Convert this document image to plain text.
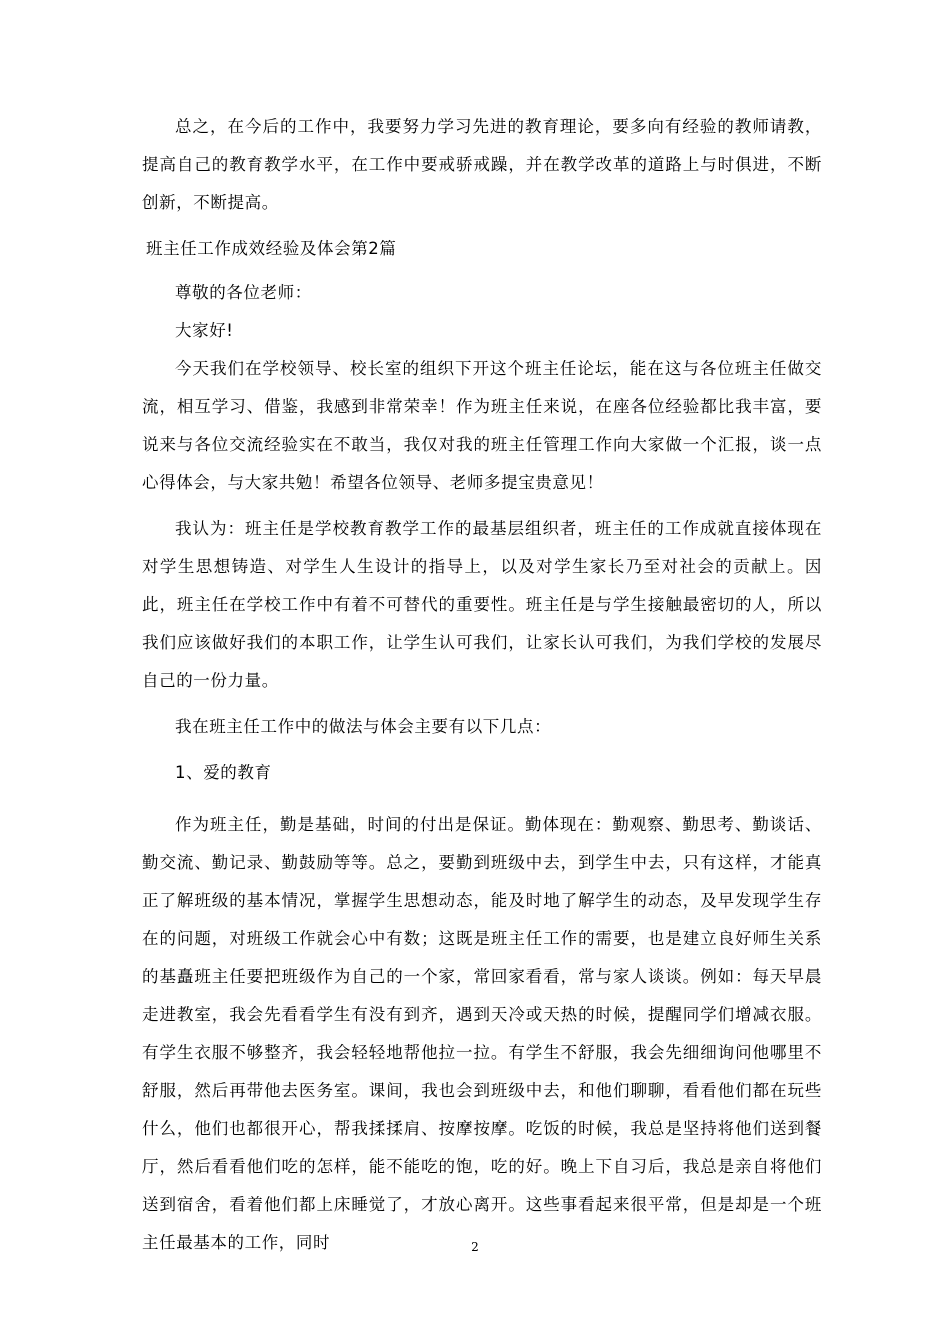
总之，在今后的工作中，我要努力学习先进的教育理论，要多向有经验的教师请教，提高自己的教育教学水平，在工作中要戒骄戒躁，并在教学改革的道路上与时俱进，不断创新，不断提高。

班主任工作成效经验及体会第2篇

尊敬的各位老师：

大家好!

今天我们在学校领导、校长室的组织下开这个班主任论坛，能在这与各位班主任做交流，相互学习、借鉴，我感到非常荣幸！作为班主任来说，在座各位经验都比我丰富，要说来与各位交流经验实在不敢当，我仅对我的班主任管理工作向大家做一个汇报，谈一点心得体会，与大家共勉！希望各位领导、老师多提宝贵意见！

我认为：班主任是学校教育教学工作的最基层组织者，班主任的工作成就直接体现在对学生思想铸造、对学生人生设计的指导上，以及对学生家长乃至对社会的贡献上。因此，班主任在学校工作中有着不可替代的重要性。班主任是与学生接触最密切的人，所以我们应该做好我们的本职工作，让学生认可我们，让家长认可我们，为我们学校的发展尽自己的一份力量。

我在班主任工作中的做法与体会主要有以下几点：

1、爱的教育

作为班主任，勤是基础，时间的付出是保证。勤体现在：勤观察、勤思考、勤谈话、勤交流、勤记录、勤鼓励等等。总之，要勤到班级中去，到学生中去，只有这样，才能真正了解班级的基本情况，掌握学生思想动态，能及时地了解学生的动态，及早发现学生存在的问题，对班级工作就会心中有数；这既是班主任工作的需要，也是建立良好师生关系的基矗班主任要把班级作为自己的一个家，常回家看看，常与家人谈谈。例如：每天早晨走进教室，我会先看看学生有没有到齐，遇到天冷或天热的时候，提醒同学们增减衣服。有学生衣服不够整齐，我会轻轻地帮他拉一拉。有学生不舒服，我会先细细询问他哪里不舒服，然后再带他去医务室。课间，我也会到班级中去，和他们聊聊，看看他们都在玩些什么，他们也都很开心，帮我揉揉肩、按摩按摩。吃饭的时候，我总是坚持将他们送到餐厅，然后看看他们吃的怎样，能不能吃的饱，吃的好。晚上下自习后，我总是亲自将他们送到宿舍，看着他们都上床睡觉了，才放心离开。这些事看起来很平常，但是却是一个班主任最基本的工作，同时	2
